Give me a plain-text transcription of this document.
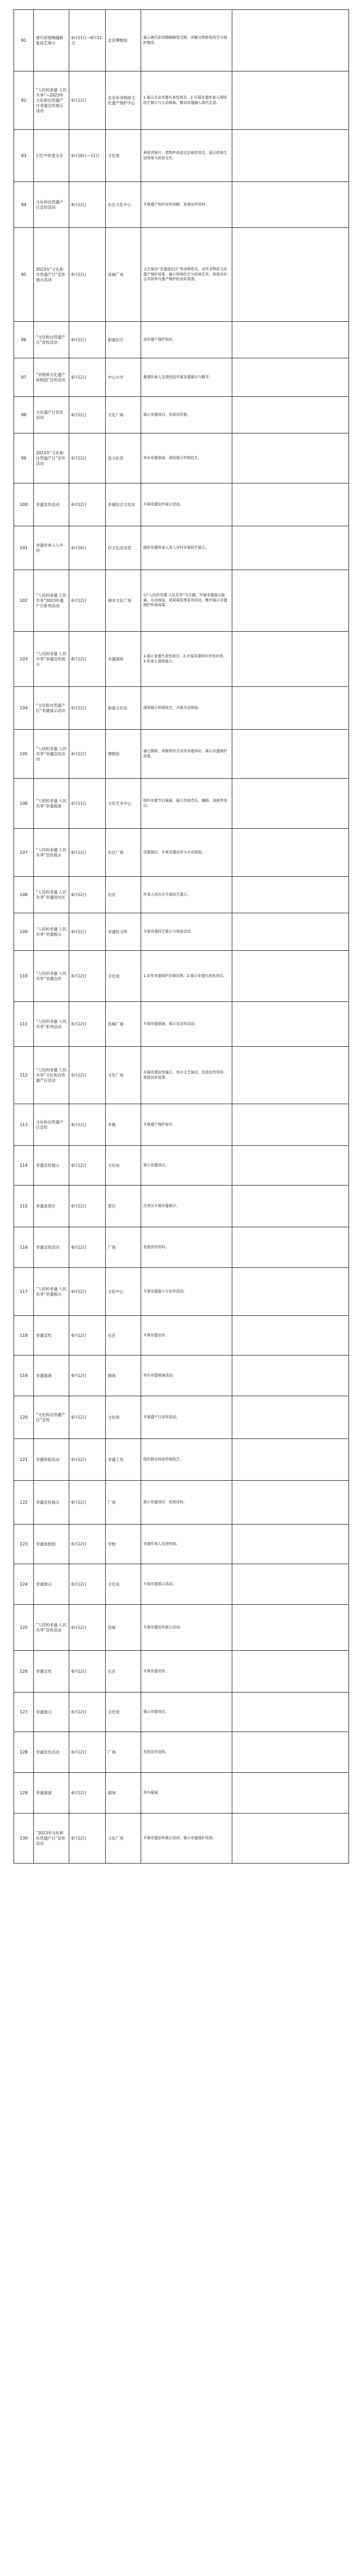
91	唐代彩绘陶俑修复技艺展示	6月11日—6月12日	北京博物馆	展示唐代彩绘陶俑修复过程，讲解文物修复技艺与保护理念。	
92	“人民的非遗 人民共享”—2023年文化和自然遗产日非遗宣传展示活动	6月12日	北京市非物质文化遗产保护中心	1.展示北京非遗代表性项目。2.开展非遗传承人现场技艺展示与互动体验，推动非遗融入现代生活。	
93	记忆中的老北京	6月10日—11日	文化馆	利用老照片、老物件讲述北京城市变迁，展示传统生活场景与民俗文化。	
94	文化和自然遗产日宣传活动	6月12日	社区文化中心	开展遗产知识宣传讲解，发放宣传资料。	
95	2023年“文化和自然遗产日”宣传展示活动	6月12日	县城广场	文艺演出“非遗进社区”等多种形式，宣传非物质文化遗产保护成果，展示传统技艺与民间艺术，营造全社会共同参与遗产保护的良好氛围。	
96	“文化和自然遗产日”宣传活动	6月12日	街道社区	宣传遗产保护知识。	
97	“非物质文化遗产进校园”宣传活动	6月12日	中心小学	邀请传承人走进校园开展非遗展示与教学。	
98	文化遗产日宣传活动	6月12日	文化广场	展示非遗项目，发放宣传册。	
99	2023年“文化和自然遗产日”宣传活动	6月12日	县文化馆	举办非遗展演，现场展示传统技艺。	
100	非遗宣传活动	6月12日	乡镇综合文化站	开展非遗宣传展示活动。	
101	非遗传承人入乡村	6月10日	村文化活动室	组织非遗传承人深入乡村开展技艺展示。	
102	“人民的非遗 人民共享”2023年遗产日系列活动	6月12日	城市文化广场	以“人民的非遗 人民共享”为主题，开展非遗展示展演、互动体验、成果展览等系列活动，集中展示非遗保护传承成果。	
103	“人民的非遗 人民共享”非遗宣传展示	6月12日	非遗展馆	1.展示非遗代表性项目。2.开展非遗知识有奖问答。3.传承人现场展示。	
104	“文化和自然遗产日”非遗展示活动	6月12日	街道文化站	现场展示传统技艺，开展互动体验。	
105	“人民的非遗 人民共享”非遗宣传活动	6月12日	博物馆	通过展板、视频等形式宣传非遗知识，展示非遗保护成果。	
106	“人民的非遗 人民共享”非遗展演	6月11日	文化艺术中心	组织非遗节目展演，展示传统音乐、舞蹈、戏曲等项目。	
107	“人民的非遗 人民共享”宣传展示	6月12日	社区广场	设置展位，开展非遗宣传与互动体验。	
108	“人民的非遗 人民共享”非遗进社区	6月12日	社区	传承人进社区开展技艺展示。	
109	“人民的非遗 人民共享”非遗展示	6月12日	非遗传习所	开展非遗技艺展示与体验活动。	
110	“人民的非遗 人民共享”非遗宣传	6月12日	文化馆	1.宣传非遗保护法律法规。2.展示非遗代表性项目。	
111	“人民的非遗 人民共享”系列活动	6月12日	县城广场	开展非遗展演、展示及宣传活动。	
112	“人民的非遗 人民共享”文化和自然遗产日活动	6月12日	文化广场	开展非遗宣传展示，举办文艺演出，发放宣传资料，营造良好氛围。	
113	文化和自然遗产日宣传	6月12日	乡镇	开展遗产保护宣传。	
114	非遗宣传展示	6月12日	文化站	展示非遗项目。	
115	非遗进景区	6月12日	景区	在景区开展非遗展示。	
116	非遗宣传活动	6月12日	广场	发放宣传资料。	
117	“人民的非遗 人民共享”非遗展示	6月12日	文化中心	开展非遗展示与宣传活动。	
118	非遗宣传	6月12日	社区	开展非遗宣传。	
119	非遗展演	6月12日	剧场	举办非遗展演活动。	
120	“文化和自然遗产日”宣传	6月12日	文化馆	开展遗产日宣传活动。	
121	非遗体验活动	6月12日	非遗工坊	组织群众体验传统技艺。	
122	非遗宣传展示	6月12日	广场	展示非遗项目，发放资料。	
123	非遗进校园	6月12日	学校	非遗传承人走进校园。	
124	非遗展示	6月12日	文化站	开展非遗展示活动。	
125	“人民的非遗 人民共享”宣传活动	6月12日	县城	开展非遗宣传展示活动。	
126	非遗宣传	6月12日	社区	开展非遗宣传。	
127	非遗展示	6月12日	文化馆	展示非遗项目。	
128	非遗宣传活动	6月12日	广场	发放宣传资料。	
129	非遗展演	6月12日	剧场	举办展演。	
130	“2023年文化和自然遗产日”宣传活动	6月12日	文化广场	开展非遗宣传展示活动，展示非遗保护成果。	
